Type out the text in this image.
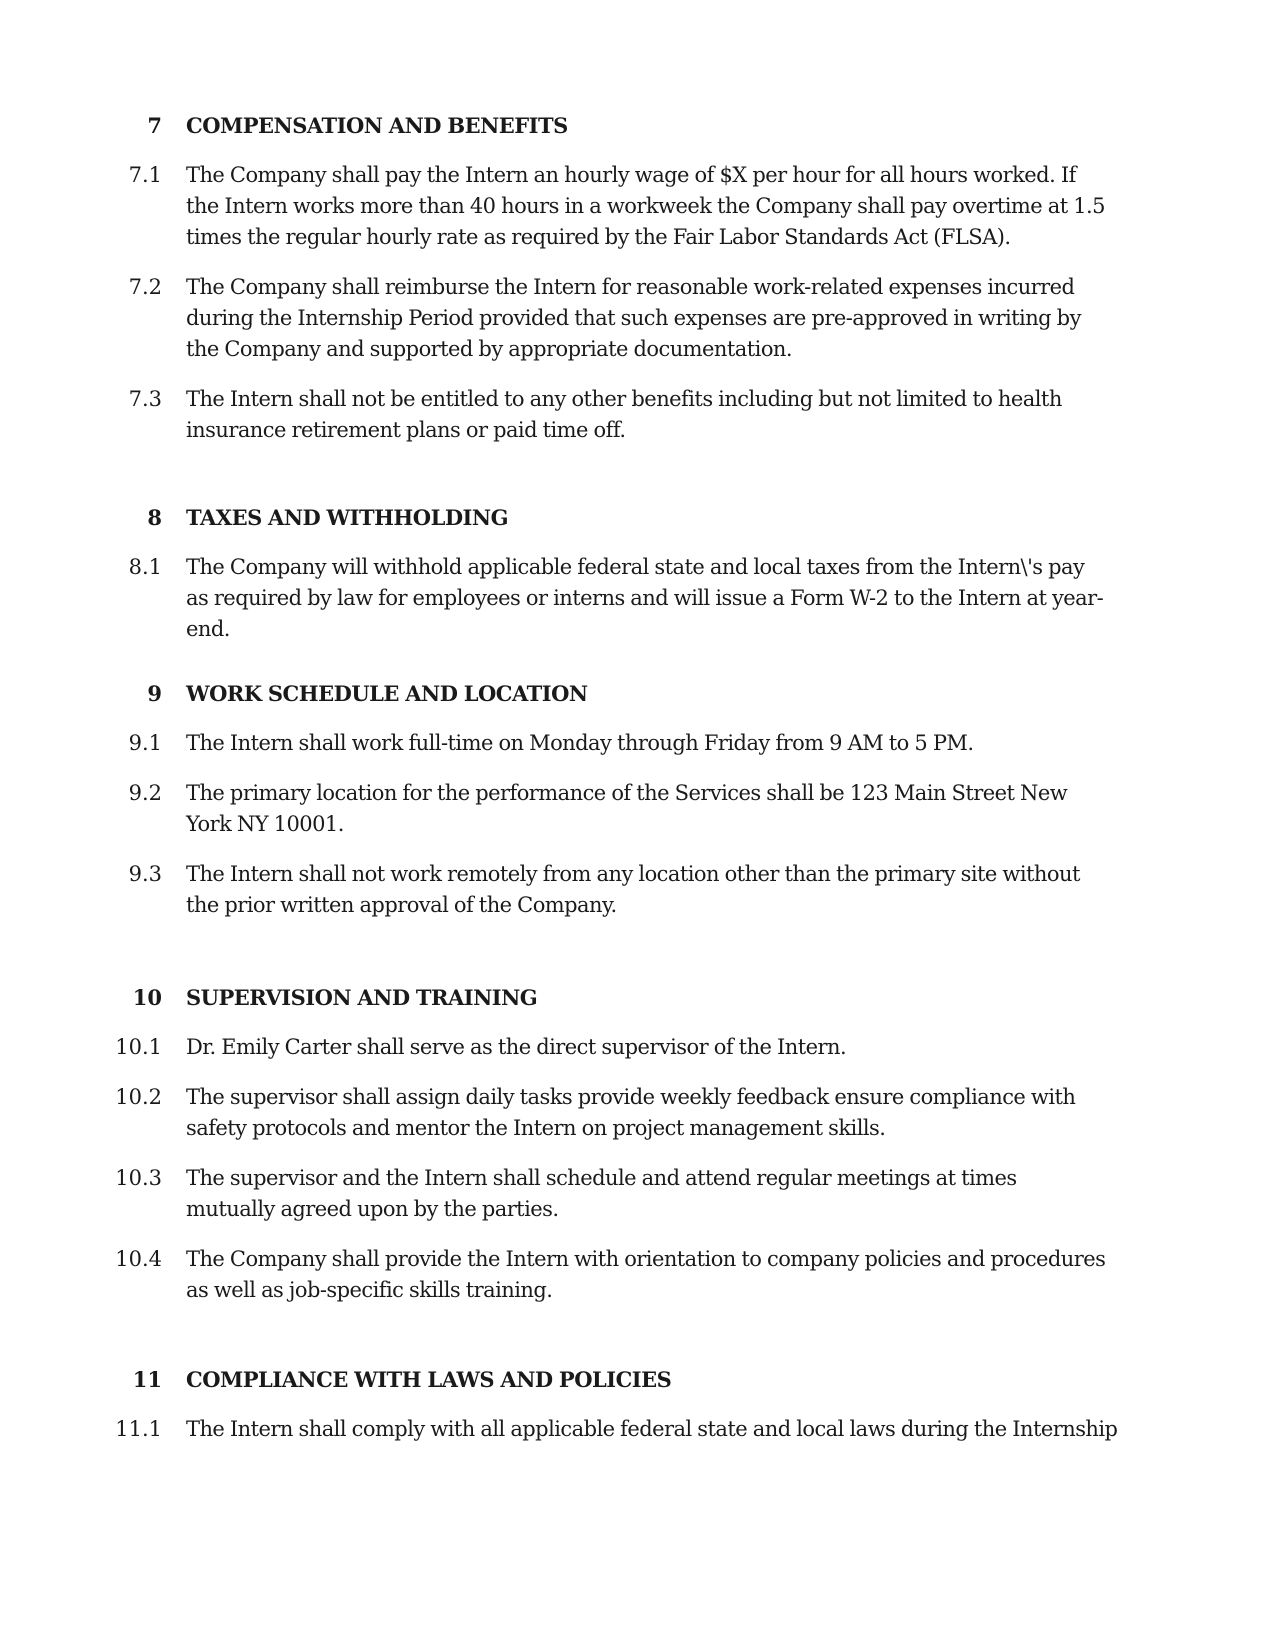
7	COMPENSATION AND BENEFITS
7.1	The Company shall pay the Intern an hourly wage of $X per hour for all hours worked. If the Intern works more than 40 hours in a workweek the Company shall pay overtime at 1.5 times the regular hourly rate as required by the Fair Labor Standards Act (FLSA).
7.2	The Company shall reimburse the Intern for reasonable work-related expenses incurred during the Internship Period provided that such expenses are pre-approved in writing by the Company and supported by appropriate documentation.
7.3	The Intern shall not be entitled to any other benefits including but not limited to health insurance retirement plans or paid time off.
8	TAXES AND WITHHOLDING
8.1	The Company will withhold applicable federal state and local taxes from the Intern\'s pay as required by law for employees or interns and will issue a Form W-2 to the Intern at year-end.
9	WORK SCHEDULE AND LOCATION
9.1	The Intern shall work full-time on Monday through Friday from 9 AM to 5 PM.
9.2	The primary location for the performance of the Services shall be 123 Main Street New York NY 10001.
9.3	The Intern shall not work remotely from any location other than the primary site without the prior written approval of the Company.
10	SUPERVISION AND TRAINING
10.1	Dr. Emily Carter shall serve as the direct supervisor of the Intern.
10.2	The supervisor shall assign daily tasks provide weekly feedback ensure compliance with safety protocols and mentor the Intern on project management skills.
10.3	The supervisor and the Intern shall schedule and attend regular meetings at times mutually agreed upon by the parties.
10.4	The Company shall provide the Intern with orientation to company policies and procedures as well as job-specific skills training.
11	COMPLIANCE WITH LAWS AND POLICIES
11.1	The Intern shall comply with all applicable federal state and local laws during the Internship
